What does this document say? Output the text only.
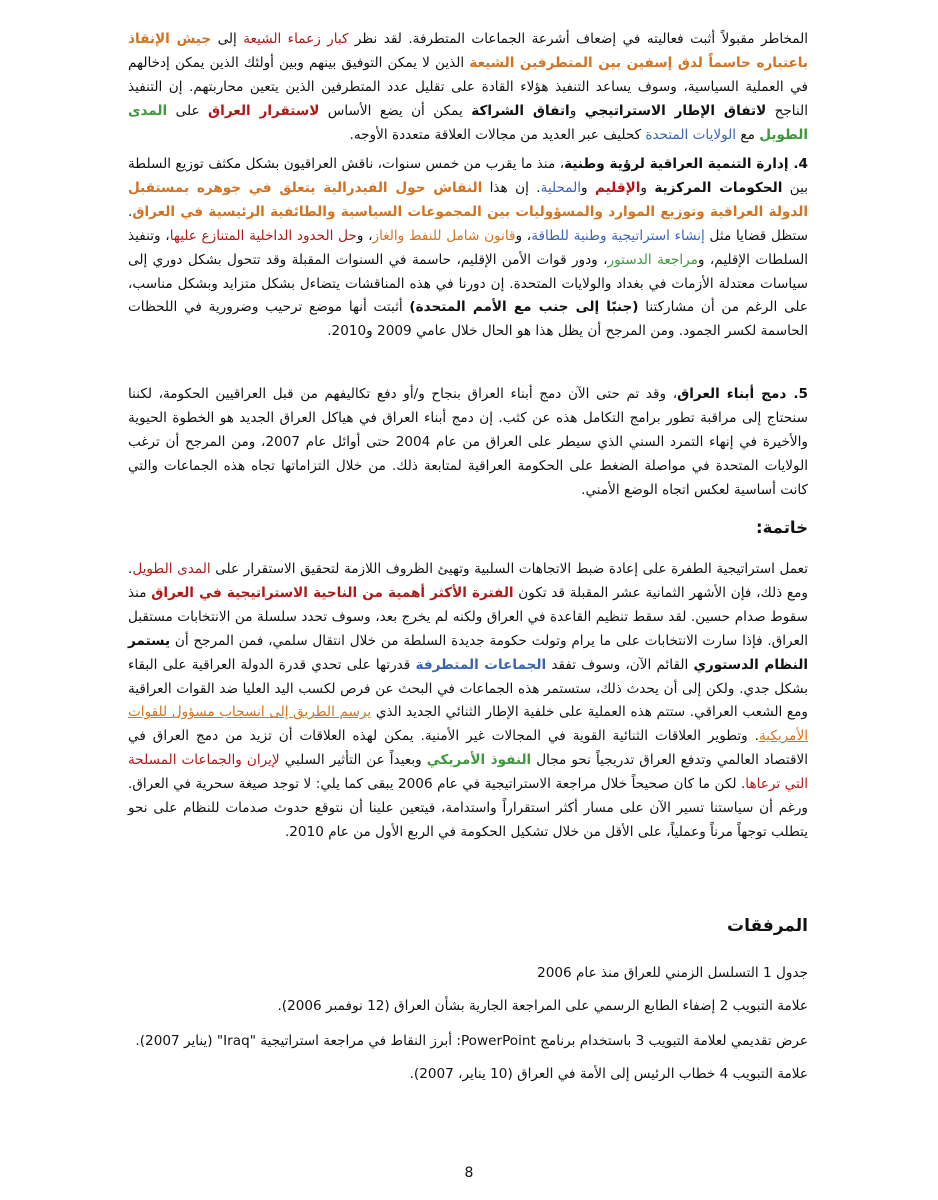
المخاطر مقبولاً أثبت فعاليته في إضعاف أشرعة الجماعات المتطرفة. لقد نظر كبار زعماء الشيعة إلى جيش الإنقاذ باعتباره حاسماً لدق إسفين بين المتطرفين الشيعة الذين لا يمكن التوفيق بينهم وبين أولئك الذين يمكن إدخالهم في العملية السياسية، وسوف يساعد التنفيذ هؤلاء القادة على تقليل عدد المتطرفين الذين يتعين محاربتهم. إن التنفيذ الناجح لاتفاق الإطار الاستراتيجي واتفاق الشراكة يمكن أن يضع الأساس لاستقرار العراق على المدى الطويل مع الولايات المتحدة كحليف عبر العديد من مجالات العلاقة متعددة الأوجه.

4. إدارة التنمية العراقية لرؤية وطنية، منذ ما يقرب من خمس سنوات، ناقش العراقيون بشكل مكثف توزيع السلطة بين الحكومات المركزية والإقليم والمحلية. إن هذا النقاش حول الفيدرالية يتعلق في جوهره بمستقبل الدولة العراقية وتوزيع الموارد والمسؤوليات بين المجموعات السياسية والطائفية الرئيسية في العراق. ستظل قضايا مثل إنشاء استراتيجية وطنية للطاقة، وقانون شامل للنفط والغاز، وحل الحدود الداخلية المتنازع عليها، وتنفيذ السلطات الإقليم، ومراجعة الدستور، ودور قوات الأمن الإقليم، حاسمة في السنوات المقبلة وقد تتحول بشكل دوري إلى سياسات معتدلة الأزمات في بغداد والولايات المتحدة. إن دورنا في هذه المناقشات يتضاءل بشكل متزايد وبشكل مناسب، على الرغم من أن مشاركتنا (جنبًا إلى جنب مع الأمم المتحدة) أثبتت أنها موضع ترحيب وضرورية في اللحظات الحاسمة لكسر الجمود. ومن المرجح أن يظل هذا هو الحال خلال عامي 2009 و2010.

5. دمج أبناء العراق، وقد تم حتى الآن دمج أبناء العراق بنجاح و/أو دفع تكاليفهم من قبل العراقيين الحكومة، لكننا سنحتاج إلى مراقبة تطور برامج التكامل هذه عن كثب. إن دمج أبناء العراق في هياكل العراق الجديد هو الخطوة الحيوية والأخيرة في إنهاء التمرد السني الذي سيطر على العراق من عام 2004 حتى أوائل عام 2007، ومن المرجح أن ترغب الولايات المتحدة في مواصلة الضغط على الحكومة العراقية لمتابعة ذلك. من خلال التزاماتها تجاه هذه الجماعات والتي كانت أساسية لعكس اتجاه الوضع الأمني.

خاتمة:

تعمل استراتيجية الطفرة على إعادة ضبط الاتجاهات السلبية وتهيئ الظروف اللازمة لتحقيق الاستقرار على المدى الطويل. ومع ذلك، فإن الأشهر الثمانية عشر المقبلة قد تكون الفترة الأكثر أهمية من الناحية الاستراتيجية في العراق منذ سقوط صدام حسين. لقد سقط تنظيم القاعدة في العراق ولكنه لم يخرج بعد، وسوف تحدد سلسلة من الانتخابات مستقبل العراق. فإذا سارت الانتخابات على ما يرام وتولت حكومة جديدة السلطة من خلال انتقال سلمي، فمن المرجح أن يستمر النظام الدستوري القائم الآن، وسوف تفقد الجماعات المتطرفة قدرتها على تحدي قدرة الدولة العراقية على البقاء بشكل جدي. ولكن إلى أن يحدث ذلك، ستستمر هذه الجماعات في البحث عن فرص لكسب اليد العليا ضد القوات العراقية ومع الشعب العراقي. ستتم هذه العملية على خلفية الإطار الثنائي الجديد الذي يرسم الطريق إلى انسحاب مسؤول للقوات الأمريكية. وتطوير العلاقات الثنائية القوية في المجالات غير الأمنية. يمكن لهذه العلاقات أن تزيد من دمج العراق في الاقتصاد العالمي وتدفع العراق تدريجياً نحو مجال النفوذ الأمريكي وبعيداً عن التأثير السلبي لإيران والجماعات المسلحة التي ترعاها. لكن ما كان صحيحاً خلال مراجعة الاستراتيجية في عام 2006 يبقى كما يلي: لا توجد صيغة سحرية في العراق. ورغم أن سياستنا تسير الآن على مسار أكثر استقراراً واستدامة، فيتعين علينا أن نتوقع حدوث صدمات للنظام على نحو يتطلب توجهاً مرناً وعملياً، على الأقل من خلال تشكيل الحكومة في الربع الأول من عام 2010.

المرفقات

جدول 1 التسلسل الزمني للعراق منذ عام 2006

علامة التبويب 2 إضفاء الطابع الرسمي على المراجعة الجارية بشأن العراق (12 نوفمبر 2006).

عرض تقديمي لعلامة التبويب 3 باستخدام برنامج PowerPoint: أبرز النقاط في مراجعة استراتيجية "Iraq" (يناير 2007).

علامة التبويب 4 خطاب الرئيس إلى الأمة في العراق (10 يناير، 2007).

8
